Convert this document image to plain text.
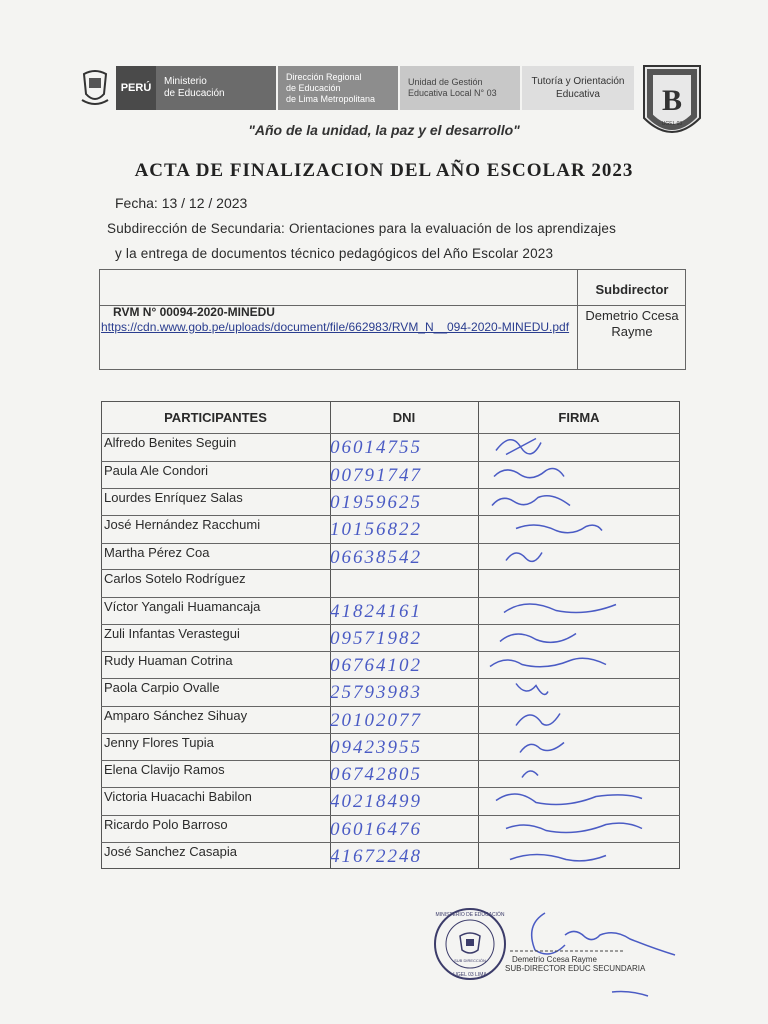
PERÚ
Ministerio
de Educación
Dirección Regional
de Educación
de Lima Metropolitana
Unidad de Gestión
Educativa Local N° 03
Tutoría y Orientación
Educativa B
UGEL 03
"Año de la unidad, la paz y el desarrollo"
ACTA DE FINALIZACION DEL AÑO ESCOLAR 2023
Fecha: 13 / 12 / 2023
Subdirección de Secundaria: Orientaciones para la evaluación de los aprendizajes
y la entrega de documentos técnico pedagógicos del Año Escolar 2023
Subdirector
Demetrio Ccesa Rayme
RVM N° 00094-2020-MINEDU
https://cdn.www.gob.pe/uploads/document/file/662983/RVM_N__094-2020-MINEDU.pdf
PARTICIPANTES	DNI	FIRMA
Alfredo Benites Seguin	06014755
Paula Ale Condori	00791747
Lourdes Enríquez Salas	01959625
José Hernández Racchumi	10156822
Martha Pérez Coa	06638542
Carlos Sotelo Rodríguez
Víctor Yangali Huamancaja	41824161
Zuli Infantas Verastegui	09571982
Rudy Huaman Cotrina	06764102
Paola Carpio Ovalle	25793983
Amparo Sánchez Sihuay	20102077
Jenny Flores Tupia	09423955
Elena Clavijo Ramos	06742805
Victoria Huacachi Babilon	40218499
Ricardo Polo Barroso	06016476
José Sanchez Casapia	41672248
MINISTERIO DE EDUCACIÓN
SUB DIRECCIÓN
UGEL 03 LIMA
Demetrio Ccesa Rayme
SUB-DIRECTOR EDUC SECUNDARIA
